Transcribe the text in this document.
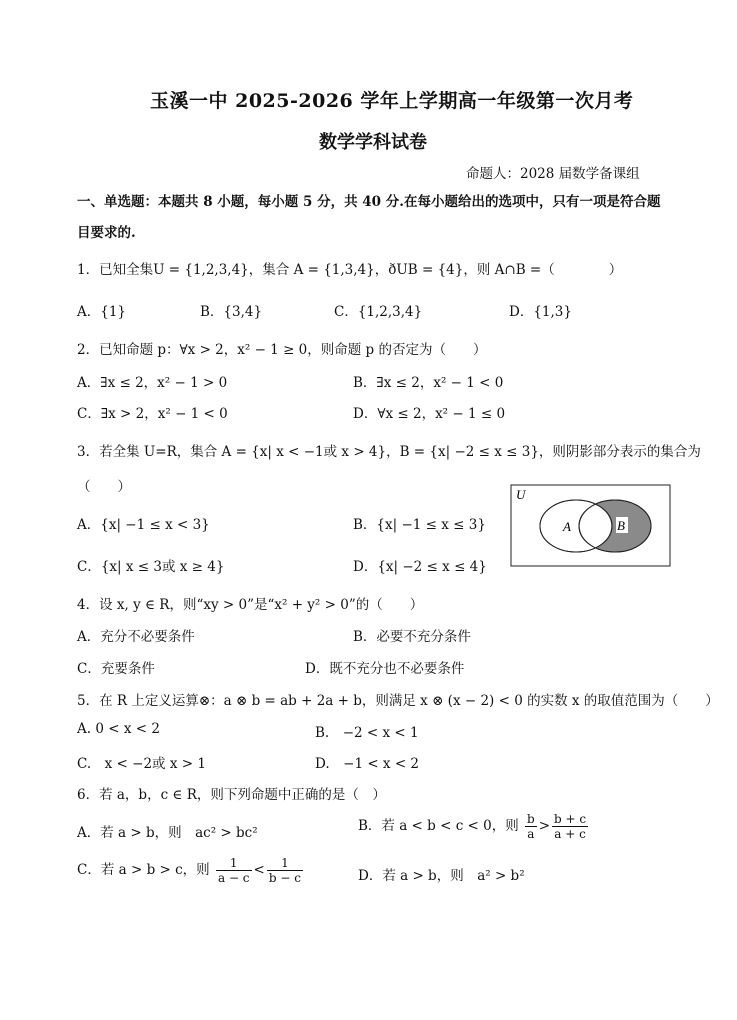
玉溪一中 2025-2026 学年上学期高一年级第一次月考
数学学科试卷
命题人：2028 届数学备课组
一、单选题：本题共 8 小题，每小题 5 分，共 40 分.在每小题给出的选项中，只有一项是符合题
目要求的.
1．已知全集U = {1,2,3,4}，集合 A = {1,3,4}，ðUB = {4}，则 A∩B =（　　　　）
A．{1}	B．{3,4}	C．{1,2,3,4}	D．{1,3}
2．已知命题 p：∀x > 2，x² − 1 ≥ 0，则命题 p 的否定为（　　）
A．∃x ≤ 2，x² − 1 > 0	B．∃x ≤ 2，x² − 1 < 0
C．∃x > 2，x² − 1 < 0	D．∀x ≤ 2，x² − 1 ≤ 0
3．若全集 U=R，集合 A = {x| x < −1或 x > 4}，B = {x| −2 ≤ x ≤ 3}，则阴影部分表示的集合为
（　　）
A．{x| −1 ≤ x < 3}	B．{x| −1 ≤ x ≤ 3}
C．{x| x ≤ 3或 x ≥ 4}	D．{x| −2 ≤ x ≤ 4}
U
A	B
4．设 x, y ∈ R，则“xy > 0”是“x² + y² > 0”的（　　）
A．充分不必要条件	B．必要不充分条件
C．充要条件	D．既不充分也不必要条件
5．在 R 上定义运算⊗：a ⊗ b = ab + 2a + b，则满足 x ⊗ (x − 2) < 0 的实数 x 的取值范围为（　　）
A. 0 < x < 2	B.　−2 < x < 1
C.　x < −2或 x > 1	D.　−1 < x < 2
6．若 a，b，c ∈ R，则下列命题中正确的是（　）
A．若 a > b，则　ac² > bc²	B．若 a < b < c < 0，则 $\frac{b}{a} > \frac{b + c}{a + c}$
C．若 a > b > c，则 $\frac{1}{a - c} < \frac{1}{b - c}$	D．若 a > b，则　a² > b²
